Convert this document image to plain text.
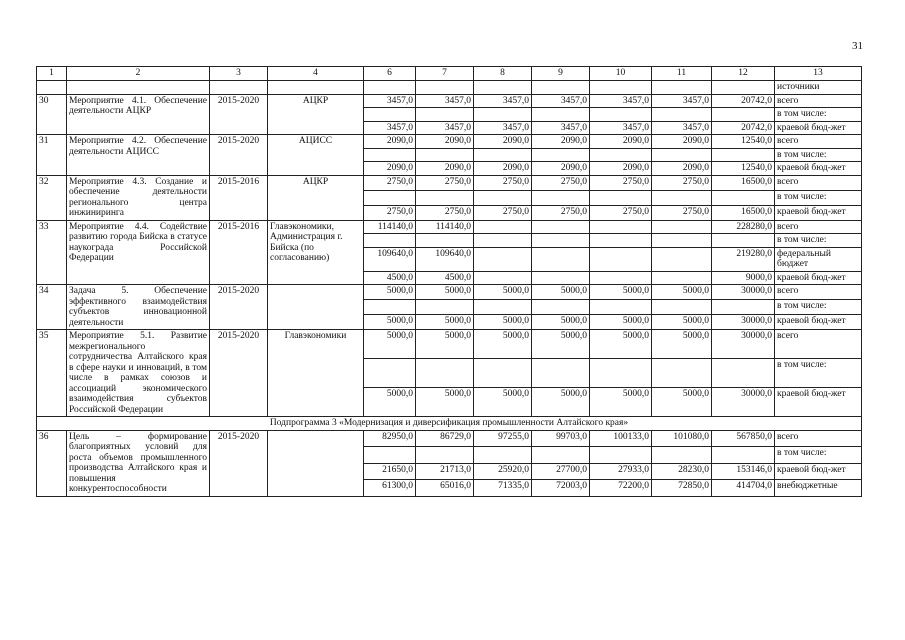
31
1	2	3	4	6	7	8	9	10	11	12	13
											источники
30	Мероприятие 4.1. Обеспечение деятельности АЦКР	2015-2020	АЦКР	3457,0	3457,0	3457,0	3457,0	3457,0	3457,0	20742,0	всего
											в том числе:
				3457,0	3457,0	3457,0	3457,0	3457,0	3457,0	20742,0	краевой бюд-жет
31	Мероприятие 4.2. Обеспечение деятельности АЦИСС	2015-2020	АЦИСС	2090,0	2090,0	2090,0	2090,0	2090,0	2090,0	12540,0	всего
											в том числе:
				2090,0	2090,0	2090,0	2090,0	2090,0	2090,0	12540,0	краевой бюд-жет
32	Мероприятие 4.3. Создание и обеспечение деятельности регионального центра инжиниринга	2015-2016	АЦКР	2750,0	2750,0	2750,0	2750,0	2750,0	2750,0	16500,0	всего
											в том числе:
				2750,0	2750,0	2750,0	2750,0	2750,0	2750,0	16500,0	краевой бюд-жет
33	Мероприятие 4.4. Содействие развитию города Бийска в статусе наукограда Российской Федерации	2015-2016	Главэкономики, Администрация г. Бийска (по согласованию)	114140,0	114140,0					228280,0	всего
											в том числе:
				109640,0	109640,0					219280,0	федеральный бюджет
				4500,0	4500,0					9000,0	краевой бюд-жет
34	Задача 5. Обеспечение эффективного взаимодействия субъектов инновационной деятельности	2015-2020		5000,0	5000,0	5000,0	5000,0	5000,0	5000,0	30000,0	всего
											в том числе:
				5000,0	5000,0	5000,0	5000,0	5000,0	5000,0	30000,0	краевой бюд-жет
35	Мероприятие 5.1. Развитие межрегионального сотрудничества Алтайского края в сфере науки и инноваций, в том числе в рамках союзов и ассоциаций экономического взаимодействия субъектов Российской Федерации	2015-2020	Главэкономики	5000,0	5000,0	5000,0	5000,0	5000,0	5000,0	30000,0	всего
											в том числе:
				5000,0	5000,0	5000,0	5000,0	5000,0	5000,0	30000,0	краевой бюд-жет
Подпрограмма 3 «Модернизация и диверсификация промышленности Алтайского края»											
36	Цель – формирование благоприятных условий для роста объемов промышленного производства Алтайского края и повышения конкурентоспособности	2015-2020		82950,0	86729,0	97255,0	99703,0	100133,0	101080,0	567850,0	всего
											в том числе:
				21650,0	21713,0	25920,0	27700,0	27933,0	28230,0	153146,0	краевой бюд-жет
				61300,0	65016,0	71335,0	72003,0	72200,0	72850,0	414704,0	внебюджетные
